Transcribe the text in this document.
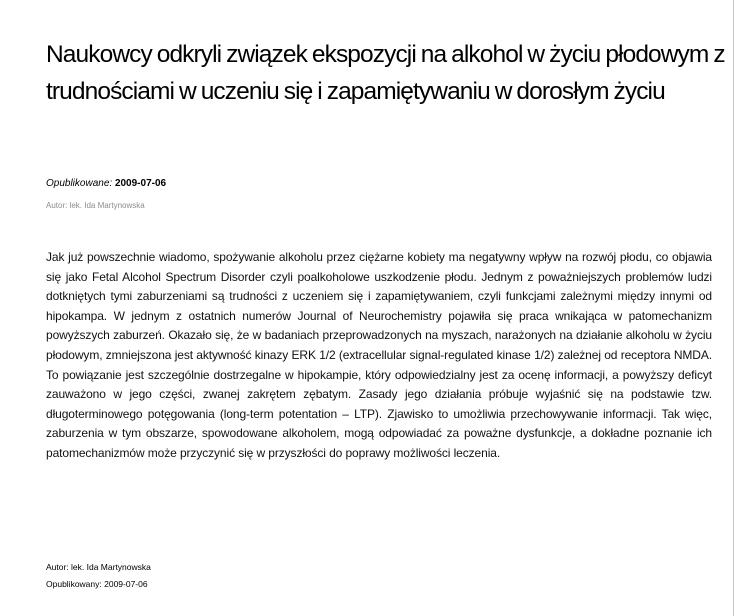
Naukowcy odkryli związek ekspozycji na alkohol w życiu płodowym z trudnościami w uczeniu się i zapamiętywaniu w dorosłym życiu

Opublikowane: 2009-07-06

Autor: lek. Ida Martynowska

Jak już powszechnie wiadomo, spożywanie alkoholu przez ciężarne kobiety ma negatywny wpływ na rozwój płodu, co objawia się jako Fetal Alcohol Spectrum Disorder czyli poalkoholowe uszkodzenie płodu. Jednym z poważniejszych problemów ludzi dotkniętych tymi zaburzeniami są trudności z uczeniem się i zapamiętywaniem, czyli funkcjami zależnymi między innymi od hipokampa. W jednym z ostatnich numerów Journal of Neurochemistry pojawiła się praca wnikająca w patomechanizm powyższych zaburzeń. Okazało się, że w badaniach przeprowadzonych na myszach, narażonych na działanie alkoholu w życiu płodowym, zmniejszona jest aktywność kinazy ERK 1/2 (extracellular signal-regulated kinase 1/2) zależnej od receptora NMDA. To powiązanie jest szczególnie dostrzegalne w hipokampie, który odpowiedzialny jest za ocenę informacji, a powyższy deficyt zauważono w jego części, zwanej zakrętem zębatym. Zasady jego działania próbuje wyjaśnić się na podstawie tzw. długoterminowego potęgowania (long-term potentation – LTP). Zjawisko to umożliwia przechowywanie informacji. Tak więc, zaburzenia w tym obszarze, spowodowane alkoholem, mogą odpowiadać za poważne dysfunkcje, a dokładne poznanie ich patomechanizmów może przyczynić się w przyszłości do poprawy możliwości leczenia.

Autor: lek. Ida Martynowska

Opublikowany: 2009-07-06
